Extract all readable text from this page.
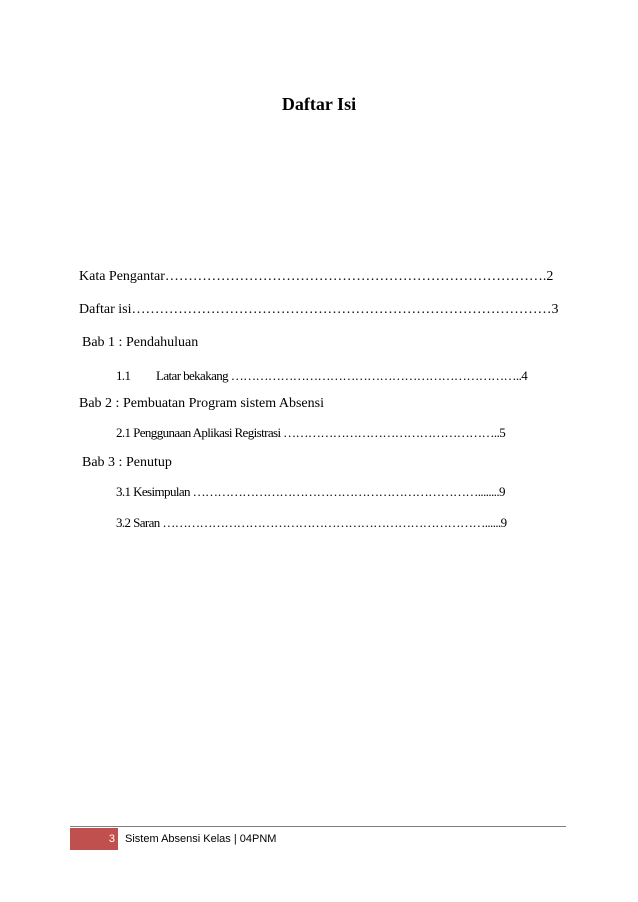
Daftar Isi
Kata Pengantar……………………………………………………………………….2
Daftar isi………………………………………………………………………………3
Bab 1 : Pendahuluan
1.1 Latar bekakang ……………………………………………………………..4
Bab 2 : Pembuatan Program sistem Absensi
2.1 Penggunaan Aplikasi Registrasi ……………………………………………..5
Bab 3 : Penutup
3.1 Kesimpulan ……………………………………………………………........9
3.2 Saran ……………………………………………………………………......9
3 Sistem Absensi Kelas | 04PNM
